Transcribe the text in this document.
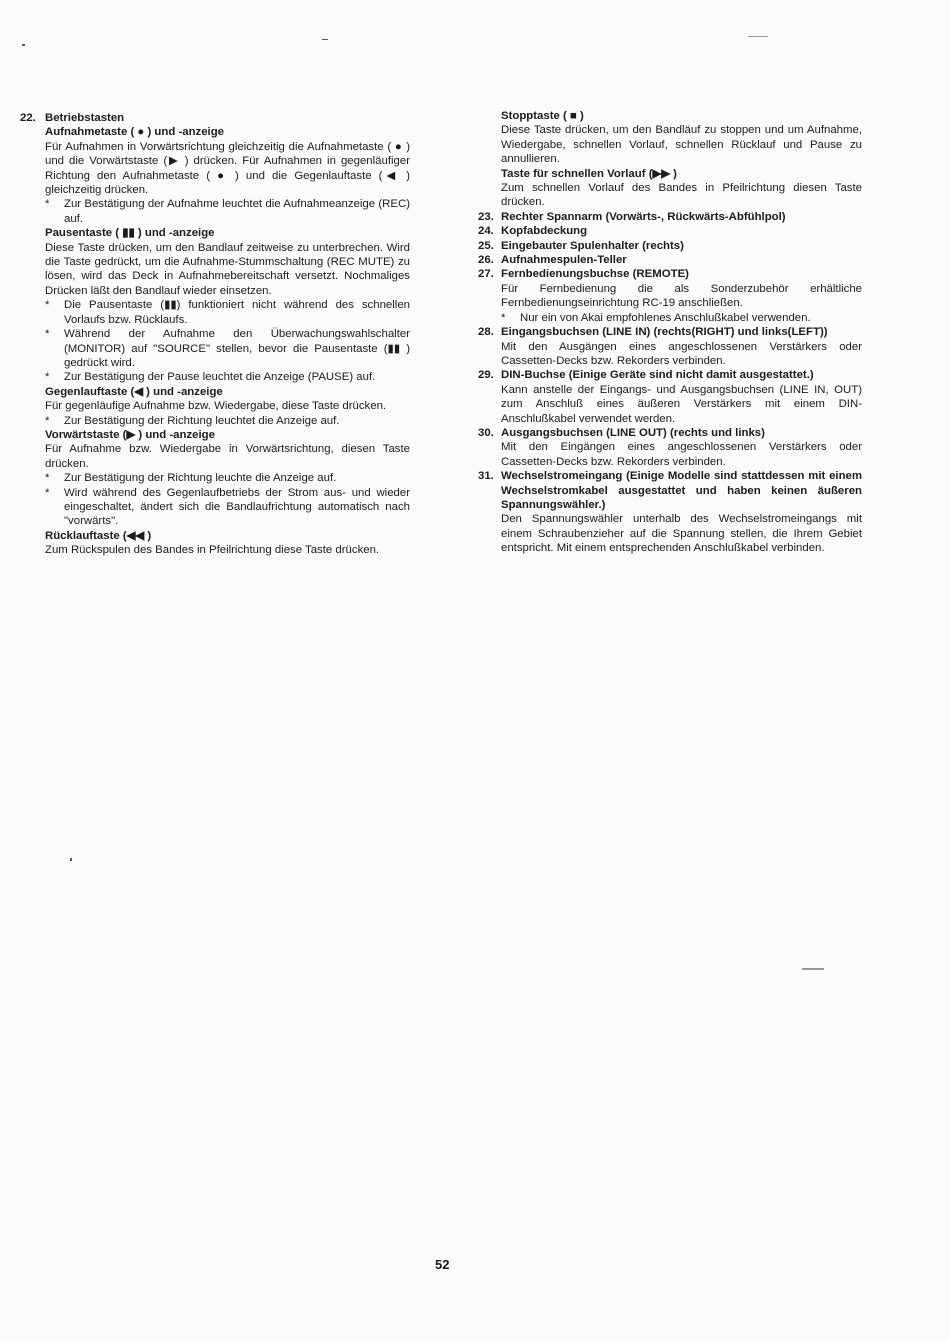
22. Betriebstasten
Aufnahmetaste ( ● ) und -anzeige
Für Aufnahmen in Vorwärtsrichtung gleichzeitig die Aufnahmetaste ( ● ) und die Vorwärtstaste (▶ ) drücken. Für Aufnahmen in gegenläufiger Richtung den Aufnahmetaste ( ● ) und die Gegenlauftaste (◀ ) gleichzeitig drücken.
* Zur Bestätigung der Aufnahme leuchtet die Aufnahmeanzeige (REC) auf.
Pausentaste ( ▮▮ ) und -anzeige
Diese Taste drücken, um den Bandlauf zeitweise zu unterbrechen. Wird die Taste gedrückt, um die Aufnahme-Stummschaltung (REC MUTE) zu lösen, wird das Deck in Aufnahmebereitschaft versetzt. Nochmaliges Drücken läßt den Bandlauf wieder einsetzen.
* Die Pausentaste (▮▮) funktioniert nicht während des schnellen Vorlaufs bzw. Rücklaufs.
* Während der Aufnahme den Überwachungswahlschalter (MONITOR) auf "SOURCE" stellen, bevor die Pausentaste (▮▮ ) gedrückt wird.
* Zur Bestätigung der Pause leuchtet die Anzeige (PAUSE) auf.
Gegenlauftaste (◀ ) und -anzeige
Für gegenläufige Aufnahme bzw. Wiedergabe, diese Taste drücken.
* Zur Bestätigung der Richtung leuchtet die Anzeige auf.
Vorwärtstaste (▶ ) und -anzeige
Für Aufnahme bzw. Wiedergabe in Vorwärtsrichtung, diesen Taste drücken.
* Zur Bestätigung der Richtung leuchte die Anzeige auf.
* Wird während des Gegenlaufbetriebs der Strom aus- und wieder eingeschaltet, ändert sich die Bandlaufrichtung automatisch nach "vorwärts".
Rücklauftaste (◀◀ )
Zum Rückspulen des Bandes in Pfeilrichtung diese Taste drücken.
Stopptaste ( ■ )
Diese Taste drücken, um den Bandläuf zu stoppen und um Aufnahme, Wiedergabe, schnellen Vorlauf, schnellen Rücklauf und Pause zu annullieren.
Taste für schnellen Vorlauf (▶▶ )
Zum schnellen Vorlauf des Bandes in Pfeilrichtung diesen Taste drücken.
23. Rechter Spannarm (Vorwärts-, Rückwärts-Abfühlpol)
24. Kopfabdeckung
25. Eingebauter Spulenhalter (rechts)
26. Aufnahmespulen-Teller
27. Fernbedienungsbuchse (REMOTE)
Für Fernbedienung die als Sonderzubehör erhältliche Fernbedienungseinrichtung RC-19 anschließen.
* Nur ein von Akai empfohlenes Anschlußkabel verwenden.
28. Eingangsbuchsen (LINE IN) (rechts(RIGHT) und links(LEFT))
Mit den Ausgängen eines angeschlossenen Verstärkers oder Cassetten-Decks bzw. Rekorders verbinden.
29. DIN-Buchse (Einige Geräte sind nicht damit ausgestattet.)
Kann anstelle der Eingangs- und Ausgangsbuchsen (LINE IN, OUT) zum Anschluß eines äußeren Verstärkers mit einem DIN-Anschlußkabel verwendet werden.
30. Ausgangsbuchsen (LINE OUT) (rechts und links)
Mit den Eingängen eines angeschlossenen Verstärkers oder Cassetten-Decks bzw. Rekorders verbinden.
31. Wechselstromeingang (Einige Modelle sind stattdessen mit einem Wechselstromkabel ausgestattet und haben keinen äußeren Spannungswähler.)
Den Spannungswähler unterhalb des Wechselstromeingangs mit einem Schraubenzieher auf die Spannung stellen, die Ihrem Gebiet entspricht. Mit einem entsprechenden Anschlußkabel verbinden.
52
